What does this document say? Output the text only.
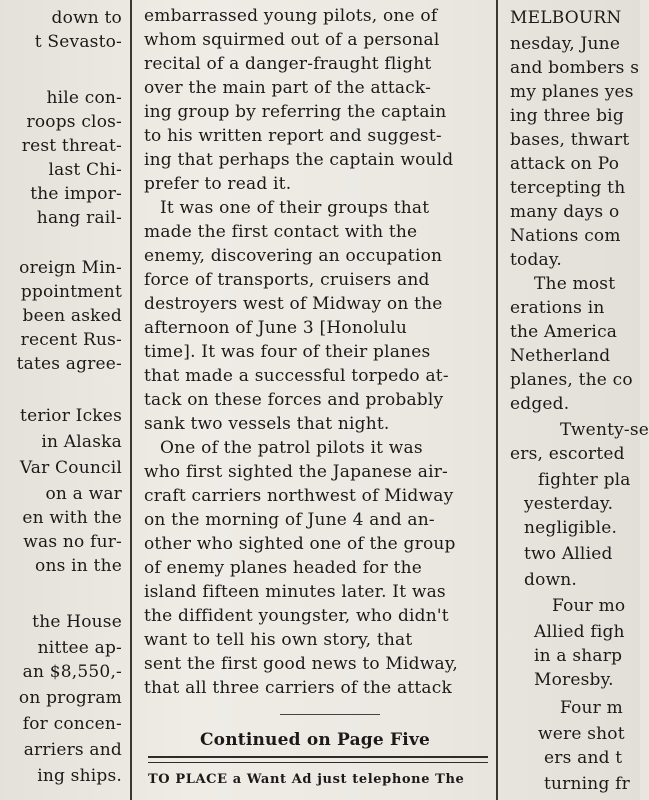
down to
t Sevasto-
hile con-
roops clos-
rest threat-
last Chi-
the impor-
hang rail-
oreign Min-
ppointment
been asked
recent Rus-
tates agree-
terior Ickes
in Alaska
Var Council
on a war
en with the
was no fur-
ons in the
the House
nittee ap-
an $8,550,-
on program
for concen-
arriers and
ing ships.
embarrassed young pilots, one of
whom squirmed out of a personal
recital of a danger-fraught flight
over the main part of the attack-
ing group by referring the captain
to his written report and suggest-
ing that perhaps the captain would
prefer to read it.
It was one of their groups that
made the first contact with the
enemy, discovering an occupation
force of transports, cruisers and
destroyers west of Midway on the
afternoon of June 3 [Honolulu
time]. It was four of their planes
that made a successful torpedo at-
tack on these forces and probably
sank two vessels that night.
One of the patrol pilots it was
who first sighted the Japanese air-
craft carriers northwest of Midway
on the morning of June 4 and an-
other who sighted one of the group
of enemy planes headed for the
island fifteen minutes later. It was
the diffident youngster, who didn't
want to tell his own story, that
sent the first good news to Midway,
that all three carriers of the attack
Continued on Page Five
TO PLACE a Want Ad just telephone The
MELBOURN
nesday, June
and bombers s
my planes yes
ing three big
bases, thwart
attack on Po
tercepting th
many days o
Nations com
today.
The most
erations in
the America
Netherland
planes, the co
edged.
Twenty-se
ers, escorted
fighter pla
yesterday.
negligible.
two Allied
down.
Four mo
Allied figh
in a sharp
Moresby.
Four m
were shot
ers and t
turning fr
